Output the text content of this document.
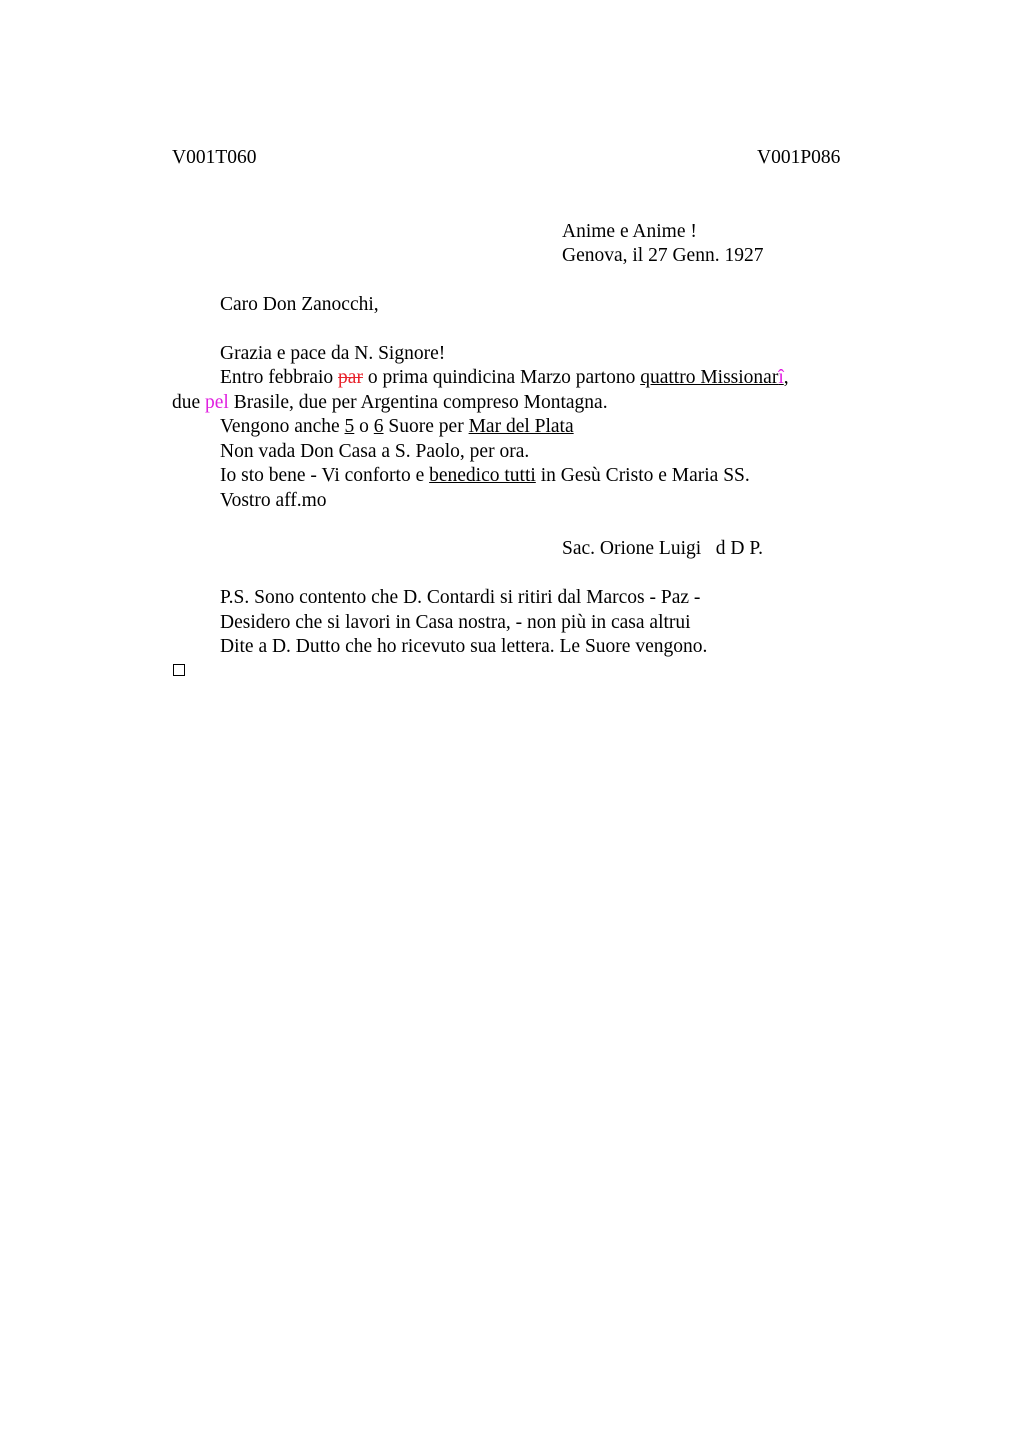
V001T060	V001P086
Anime e Anime !
Genova, il 27 Genn. 1927
Caro Don Zanocchi,
Grazia e pace da N. Signore!
Entro febbraio par o prima quindicina Marzo partono quattro Missionarî,
due pel Brasile, due per Argentina compreso Montagna.
Vengono anche 5 o 6 Suore per Mar del Plata
Non vada Don Casa a S. Paolo, per ora.
Io sto bene - Vi conforto e benedico tutti in Gesù Cristo e Maria SS.
Vostro aff.mo
Sac. Orione Luigi   d D P.
P.S. Sono contento che D. Contardi si ritiri dal Marcos - Paz -
Desidero che si lavori in Casa nostra, - non più in casa altrui
Dite a D. Dutto che ho ricevuto sua lettera. Le Suore vengono.
